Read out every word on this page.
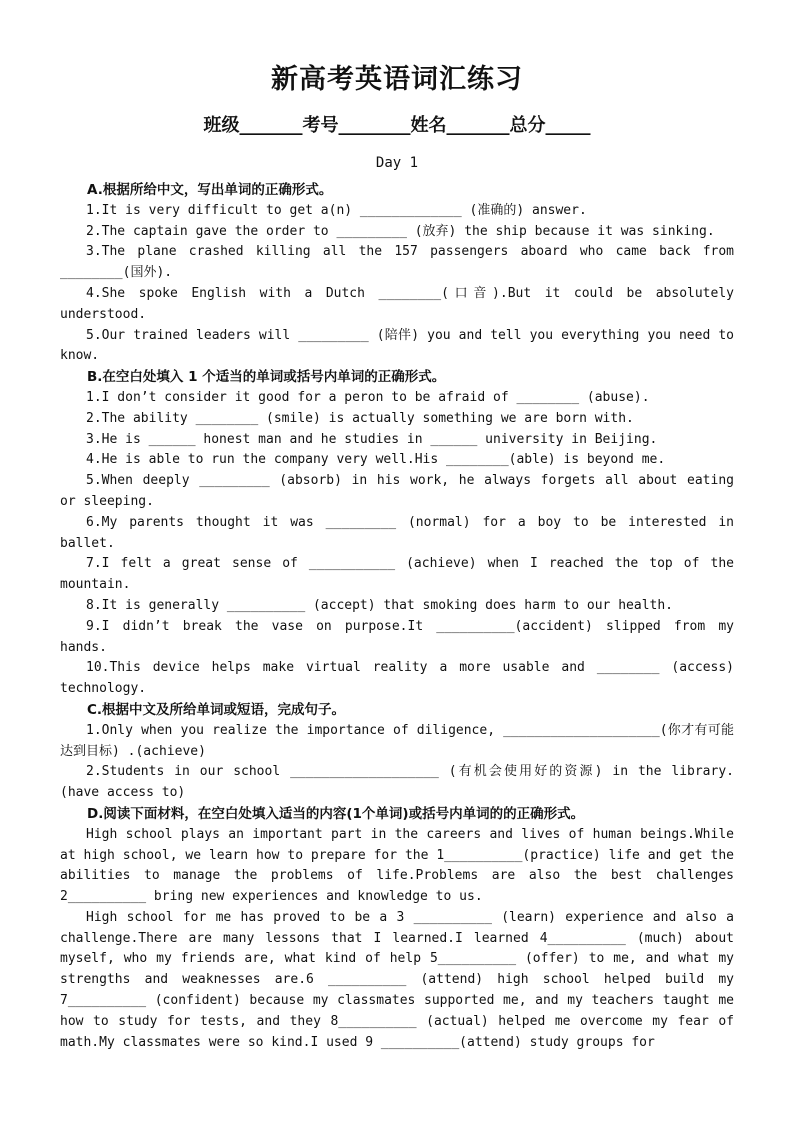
新高考英语词汇练习
班级_______考号________姓名_______总分_____
Day 1
A.根据所给中文，写出单词的正确形式。

1.It is very difficult to get a(n) _____________ (准确的) answer.

2.The captain gave the order to _________ (放弃) the ship because it was sinking.

3.The plane crashed killing all the 157 passengers aboard who came back from ________(国外).

4.She spoke English with a Dutch ________(口音).But it could be absolutely understood.

5.Our trained leaders will _________ (陪伴) you and tell you everything you need to know.

B.在空白处填入 1 个适当的单词或括号内单词的正确形式。

1.I don’t consider it good for a peron to be afraid of ________ (abuse).

2.The ability ________ (smile) is actually something we are born with.

3.He is ______ honest man and he studies in ______ university in Beijing.

4.He is able to run the company very well.His ________(able) is beyond me.

5.When deeply _________ (absorb) in his work, he always forgets all about eating or sleeping.

6.My parents thought it was _________ (normal) for a boy to be interested in ballet.

7.I felt a great sense of ___________ (achieve) when I reached the top of the mountain.

8.It is generally __________ (accept) that smoking does harm to our health.

9.I didn’t break the vase on purpose.It __________(accident) slipped from my hands.

10.This device helps make virtual reality a more usable and ________ (access) technology.

C.根据中文及所给单词或短语，完成句子。

1.Only when you realize the importance of diligence, ____________________(你才有可能达到目标) .(achieve)

2.Students in our school ___________________ (有机会使用好的资源) in the library. (have access to)

D.阅读下面材料，在空白处填入适当的内容(1个单词)或括号内单词的的正确形式。

High school plays an important part in the careers and lives of human beings.While at high school, we learn how to prepare for the 1__________(practice) life and get the abilities to manage the problems of life.Problems are also the best challenges 2__________ bring new experiences and knowledge to us.

High school for me has proved to be a 3 __________ (learn) experience and also a challenge.There are many lessons that I learned.I learned 4__________ (much) about myself, who my friends are, what kind of help 5__________ (offer) to me, and what my strengths and weaknesses are.6 __________ (attend) high school helped build my 7__________ (confident) because my classmates supported me, and my teachers taught me how to study for tests, and they 8__________ (actual) helped me overcome my fear of math.My classmates were so kind.I used 9 __________(attend) study groups for
